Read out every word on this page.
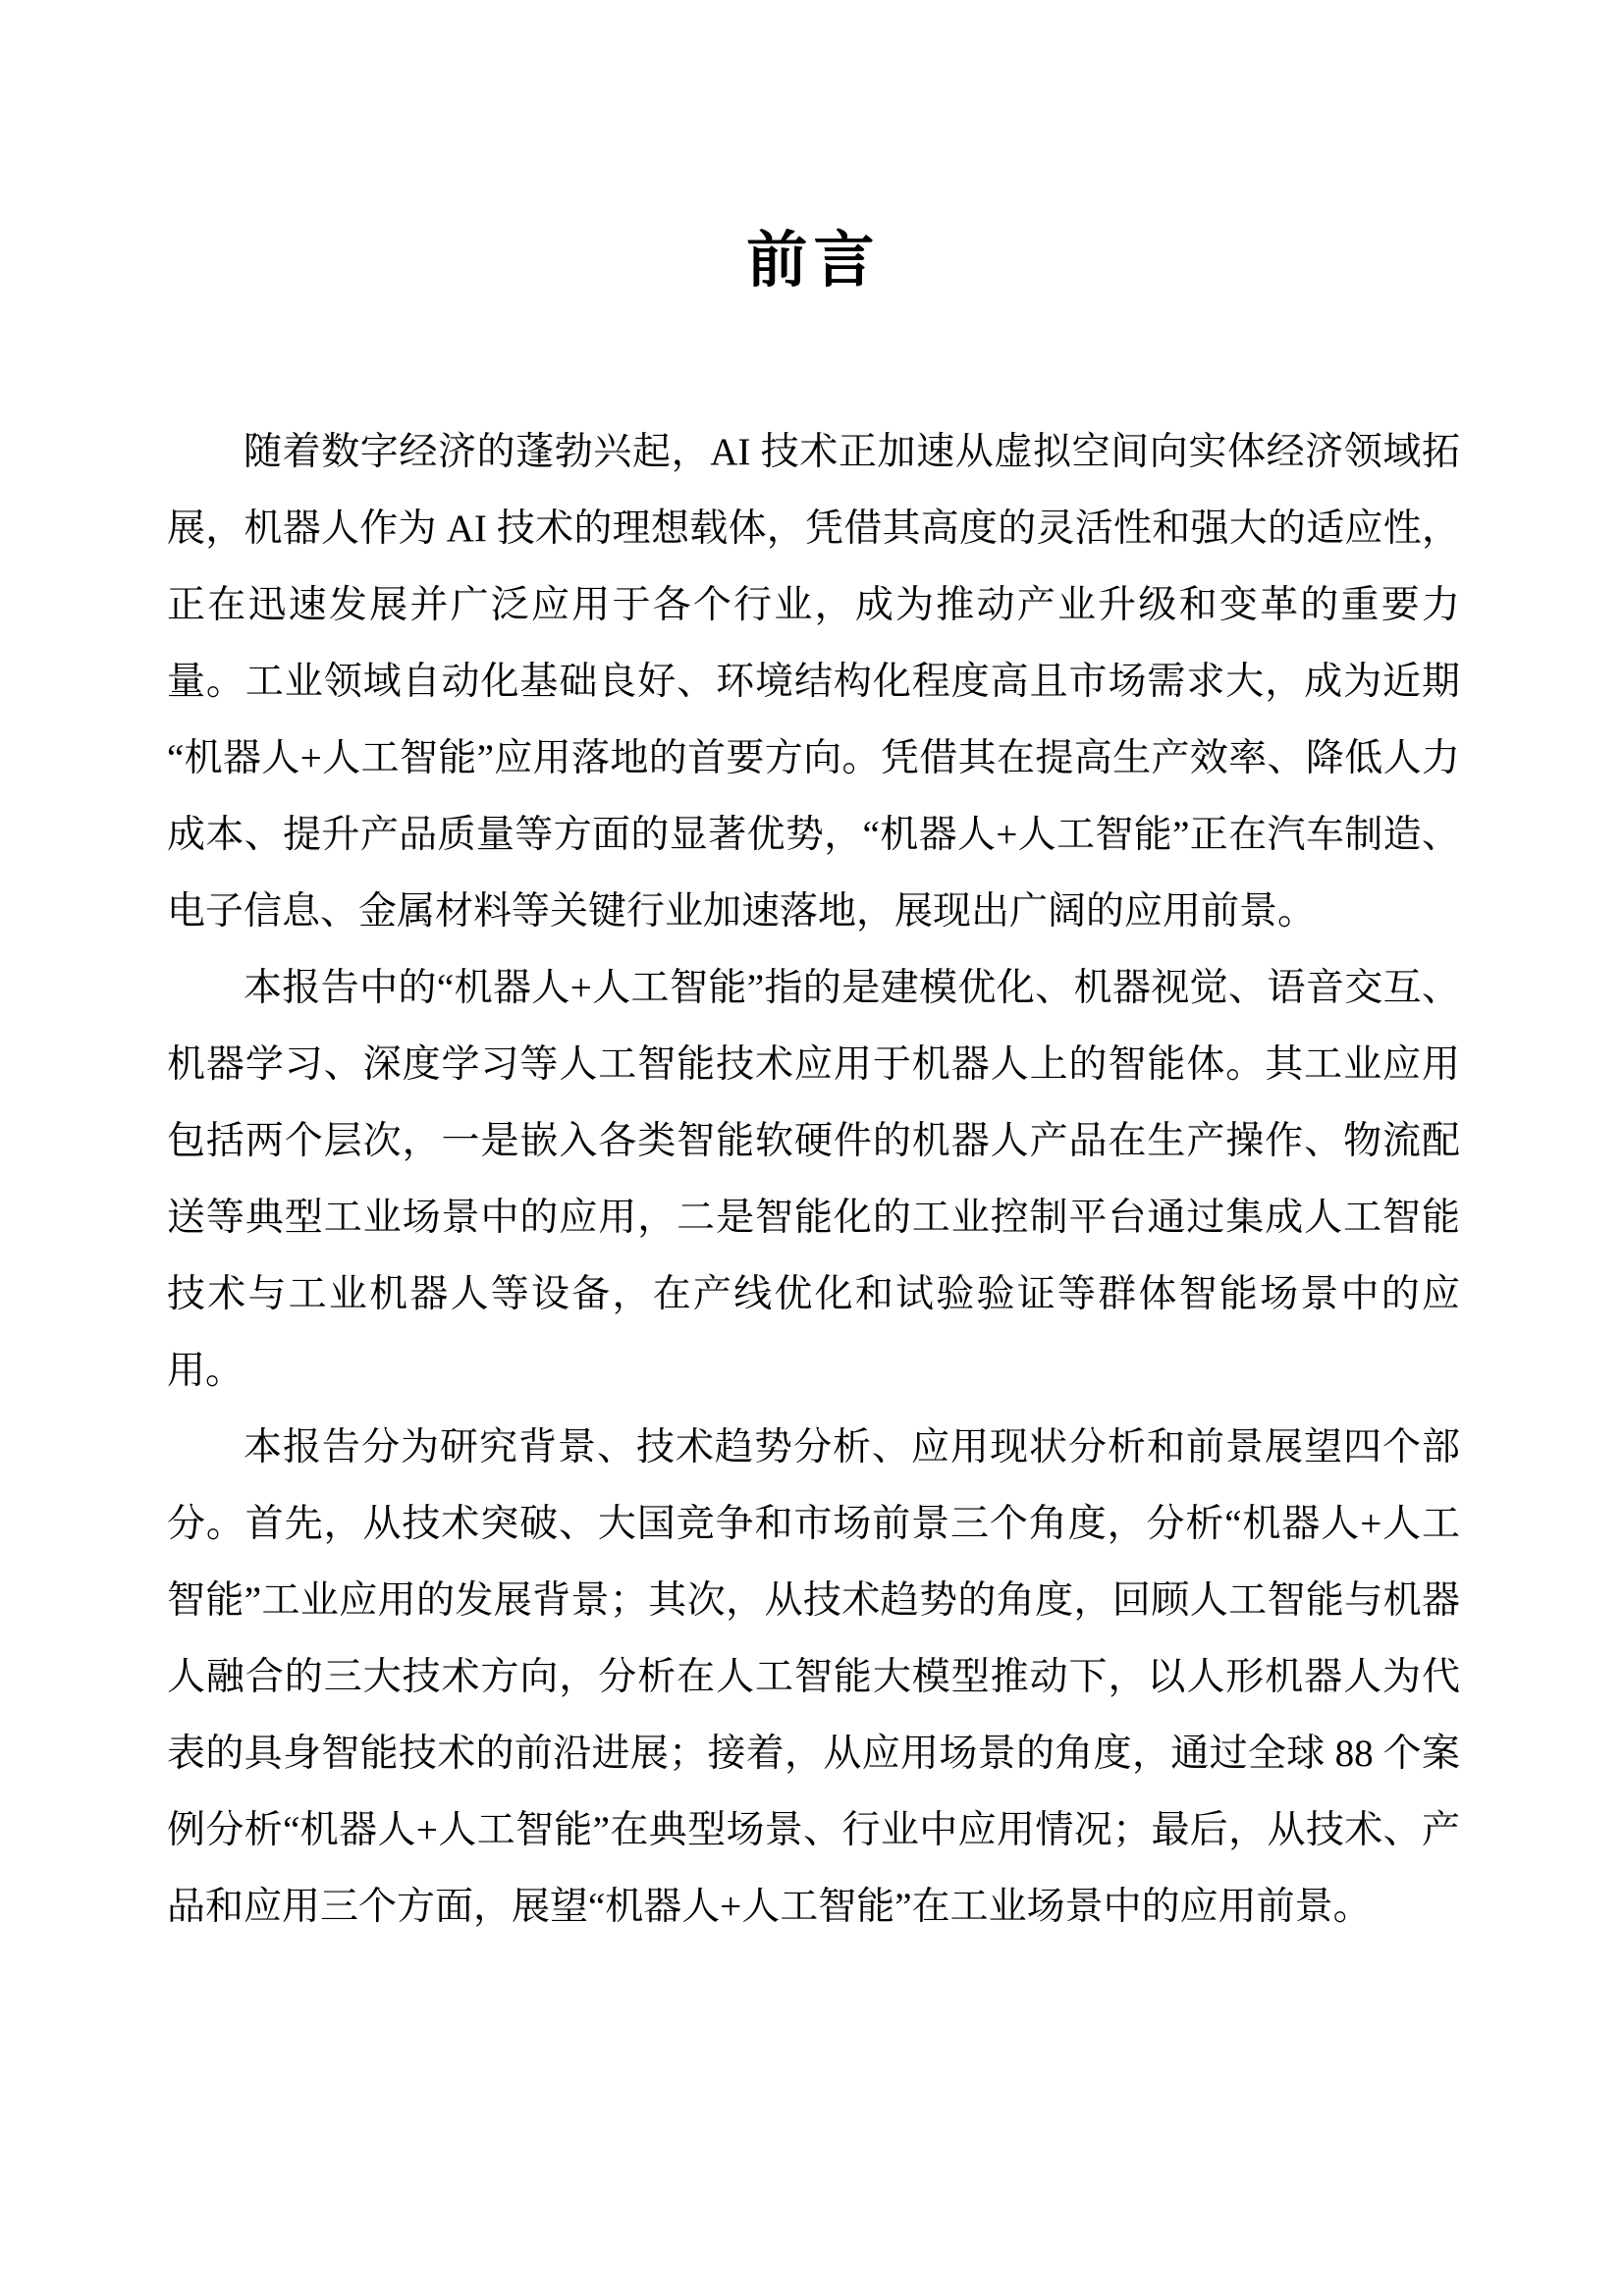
前言

随着数字经济的蓬勃兴起，AI 技术正加速从虚拟空间向实体经济领域拓展，机器人作为 AI 技术的理想载体，凭借其高度的灵活性和强大的适应性，正在迅速发展并广泛应用于各个行业，成为推动产业升级和变革的重要力量。工业领域自动化基础良好、环境结构化程度高且市场需求大，成为近期“机器人+人工智能”应用落地的首要方向。凭借其在提高生产效率、降低人力成本、提升产品质量等方面的显著优势，“机器人+人工智能”正在汽车制造、电子信息、金属材料等关键行业加速落地，展现出广阔的应用前景。

本报告中的“机器人+人工智能”指的是建模优化、机器视觉、语音交互、机器学习、深度学习等人工智能技术应用于机器人上的智能体。其工业应用包括两个层次，一是嵌入各类智能软硬件的机器人产品在生产操作、物流配送等典型工业场景中的应用，二是智能化的工业控制平台通过集成人工智能技术与工业机器人等设备，在产线优化和试验验证等群体智能场景中的应用。

本报告分为研究背景、技术趋势分析、应用现状分析和前景展望四个部分。首先，从技术突破、大国竞争和市场前景三个角度，分析“机器人+人工智能”工业应用的发展背景；其次，从技术趋势的角度，回顾人工智能与机器人融合的三大技术方向，分析在人工智能大模型推动下，以人形机器人为代表的具身智能技术的前沿进展；接着，从应用场景的角度，通过全球 88 个案例分析“机器人+人工智能”在典型场景、行业中应用情况；最后，从技术、产品和应用三个方面，展望“机器人+人工智能”在工业场景中的应用前景。
